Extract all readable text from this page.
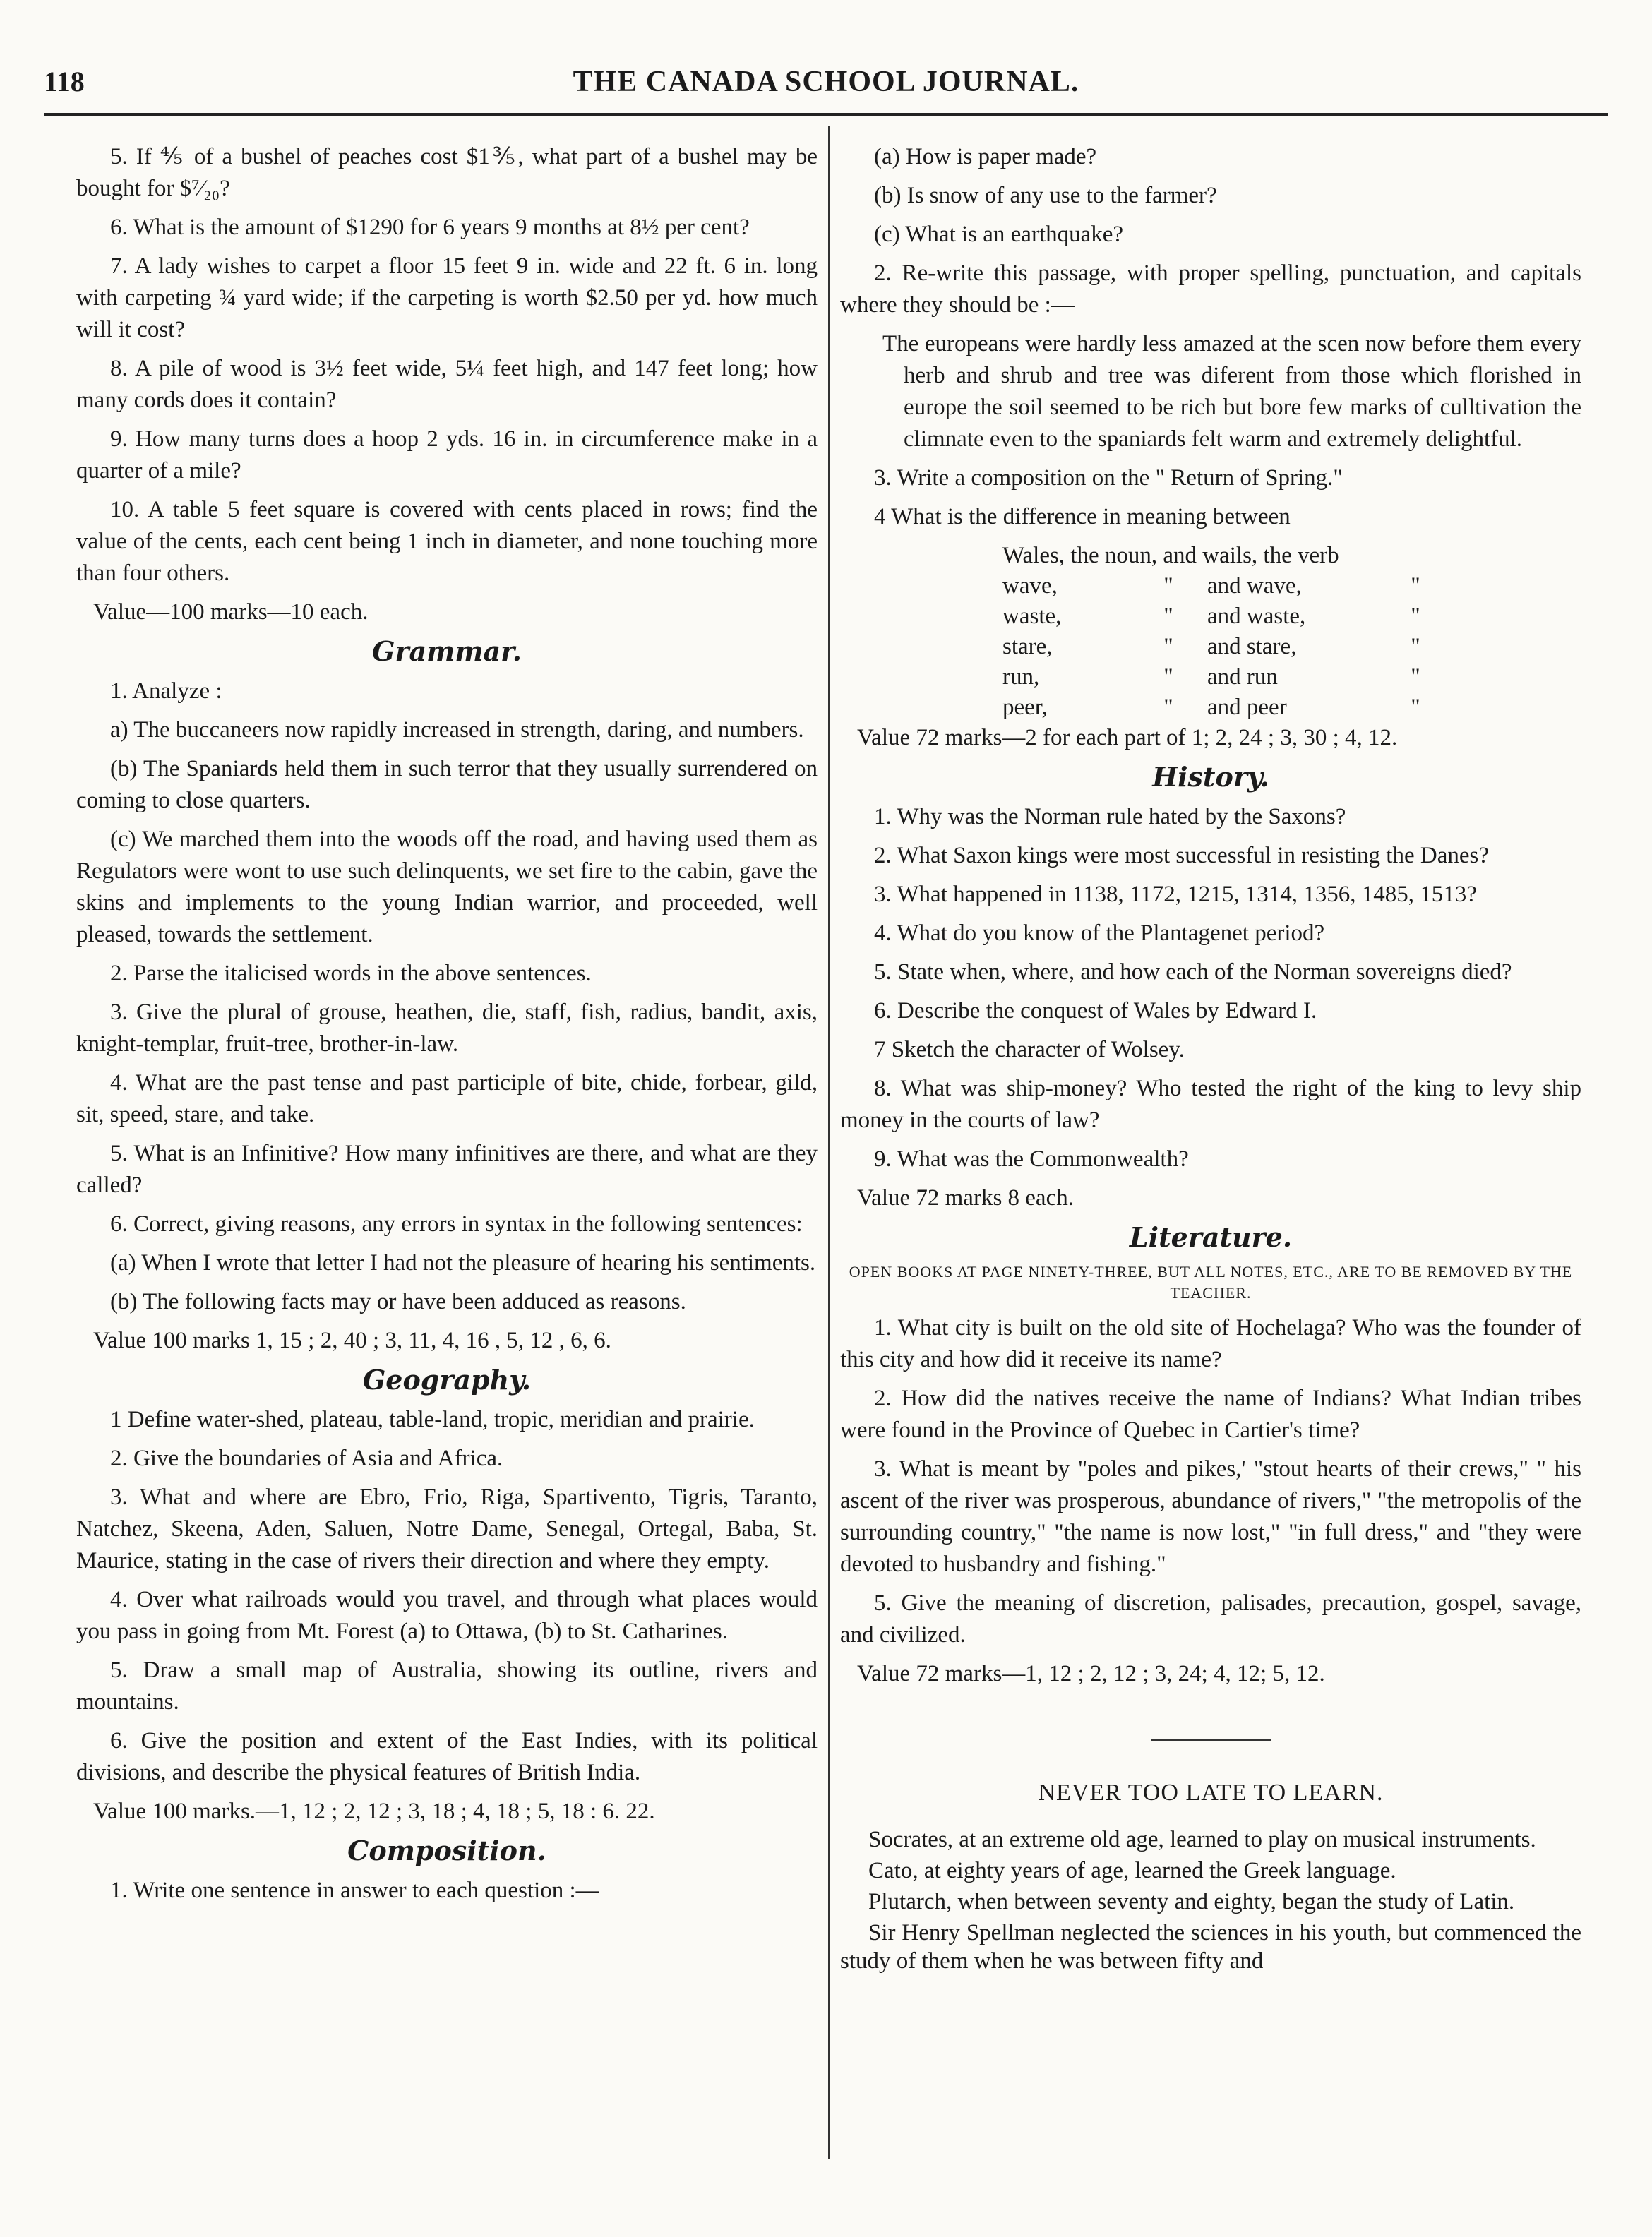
118	THE CANADA SCHOOL JOURNAL.

5. If ⅘ of a bushel of peaches cost $1⅗, what part of a bushel may be bought for $⁷⁄₂₀?

6. What is the amount of $1290 for 6 years 9 months at 8½ per cent?

7. A lady wishes to carpet a floor 15 feet 9 in. wide and 22 ft. 6 in. long with carpeting ¾ yard wide; if the carpeting is worth $2.50 per yd. how much will it cost?

8. A pile of wood is 3½ feet wide, 5¼ feet high, and 147 feet long; how many cords does it contain?

9. How many turns does a hoop 2 yds. 16 in. in circumference make in a quarter of a mile?

10. A table 5 feet square is covered with cents placed in rows; find the value of the cents, each cent being 1 inch in diameter, and none touching more than four others.

Value—100 marks—10 each.

Grammar.

1. Analyze :

a) The buccaneers now rapidly increased in strength, daring, and numbers.

(b) The Spaniards held them in such terror that they usually surrendered on coming to close quarters.

(c) We marched them into the woods off the road, and having used them as Regulators were wont to use such delinquents, we set fire to the cabin, gave the skins and implements to the young Indian warrior, and proceeded, well pleased, towards the settlement.

2. Parse the italicised words in the above sentences.

3. Give the plural of grouse, heathen, die, staff, fish, radius, bandit, axis, knight-templar, fruit-tree, brother-in-law.

4. What are the past tense and past participle of bite, chide, forbear, gild, sit, speed, stare, and take.

5. What is an Infinitive? How many infinitives are there, and what are they called?

6. Correct, giving reasons, any errors in syntax in the following sentences:

(a) When I wrote that letter I had not the pleasure of hearing his sentiments.

(b) The following facts may or have been adduced as reasons.

Value 100 marks 1, 15 ; 2, 40 ; 3, 11, 4, 16 , 5, 12 , 6, 6.

Geography.

1 Define water-shed, plateau, table-land, tropic, meridian and prairie.

2. Give the boundaries of Asia and Africa.

3. What and where are Ebro, Frio, Riga, Spartivento, Tigris, Taranto, Natchez, Skeena, Aden, Saluen, Notre Dame, Senegal, Ortegal, Baba, St. Maurice, stating in the case of rivers their direction and where they empty.

4. Over what railroads would you travel, and through what places would you pass in going from Mt. Forest (a) to Ottawa, (b) to St. Catharines.

5. Draw a small map of Australia, showing its outline, rivers and mountains.

6. Give the position and extent of the East Indies, with its political divisions, and describe the physical features of British India.

Value 100 marks.—1, 12 ; 2, 12 ; 3, 18 ; 4, 18 ; 5, 18 : 6. 22.

Composition.

1. Write one sentence in answer to each question :—

(a) How is paper made?

(b) Is snow of any use to the farmer?

(c) What is an earthquake?

2. Re-write this passage, with proper spelling, punctuation, and capitals where they should be :—

The europeans were hardly less amazed at the scen now before them every herb and shrub and tree was diferent from those which florished in europe the soil seemed to be rich but bore few marks of culltivation the climnate even to the spaniards felt warm and extremely delightful.

3. Write a composition on the " Return of Spring."

4 What is the difference in meaning between

Wales, the noun, and wails, the verb
wave,	"	and wave,	"
waste,	"	and waste,	"
stare,	"	and stare,	"
run,	"	and run	"
peer,	"	and peer	"

Value 72 marks—2 for each part of 1; 2, 24 ; 3, 30 ; 4, 12.

History.

1. Why was the Norman rule hated by the Saxons?

2. What Saxon kings were most successful in resisting the Danes?

3. What happened in 1138, 1172, 1215, 1314, 1356, 1485, 1513?

4. What do you know of the Plantagenet period?

5. State when, where, and how each of the Norman sovereigns died?

6. Describe the conquest of Wales by Edward I.

7 Sketch the character of Wolsey.

8. What was ship-money? Who tested the right of the king to levy ship money in the courts of law?

9. What was the Commonwealth?

Value 72 marks 8 each.

Literature.
OPEN BOOKS AT PAGE NINETY-THREE, BUT ALL NOTES, ETC., ARE TO BE REMOVED BY THE TEACHER.

1. What city is built on the old site of Hochelaga? Who was the founder of this city and how did it receive its name?

2. How did the natives receive the name of Indians? What Indian tribes were found in the Province of Quebec in Cartier's time?

3. What is meant by "poles and pikes,' "stout hearts of their crews," " his ascent of the river was prosperous, abundance of rivers," "the metropolis of the surrounding country," "the name is now lost," "in full dress," and "they were devoted to husbandry and fishing."

5. Give the meaning of discretion, palisades, precaution, gospel, savage, and civilized.

Value 72 marks—1, 12 ; 2, 12 ; 3, 24; 4, 12; 5, 12.

NEVER TOO LATE TO LEARN.

Socrates, at an extreme old age, learned to play on musical instruments.

Cato, at eighty years of age, learned the Greek language.

Plutarch, when between seventy and eighty, began the study of Latin.

Sir Henry Spellman neglected the sciences in his youth, but commenced the study of them when he was between fifty and
